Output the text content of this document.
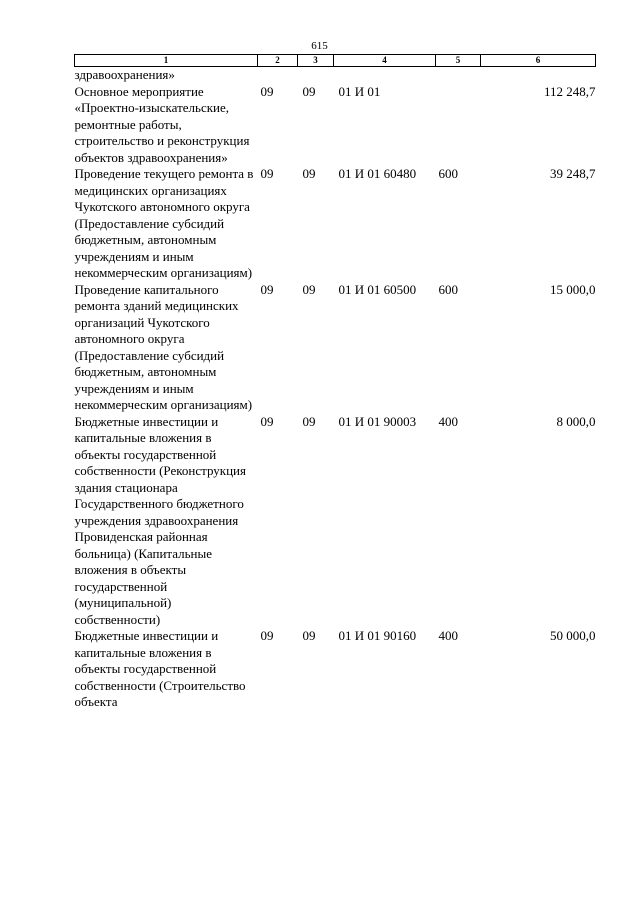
615
1	2	3	4	5	6
здравоохранения»					
Основное мероприятие «Проектно-изыскательские, ремонтные работы, строительство и реконструкция объектов здравоохранения»	09	09	01 И 01		112 248,7
Проведение текущего ремонта в медицинских организациях Чукотского автономного округа (Предоставление субсидий бюджетным, автономным учреждениям и иным некоммерческим организациям)	09	09	01 И 01 60480	600	39 248,7
Проведение капитального ремонта зданий медицинских организаций Чукотского автономного округа (Предоставление субсидий бюджетным, автономным учреждениям и иным некоммерческим организациям)	09	09	01 И 01 60500	600	15 000,0
Бюджетные инвестиции и капитальные вложения в объекты государственной собственности (Реконструкция здания стационара Государственного бюджетного учреждения здравоохранения Провиденская районная больница) (Капитальные вложения в объекты государственной (муниципальной) собственности)	09	09	01 И 01 90003	400	8 000,0
Бюджетные инвестиции и капитальные вложения в объекты государственной собственности (Строительство объекта	09	09	01 И 01 90160	400	50 000,0
